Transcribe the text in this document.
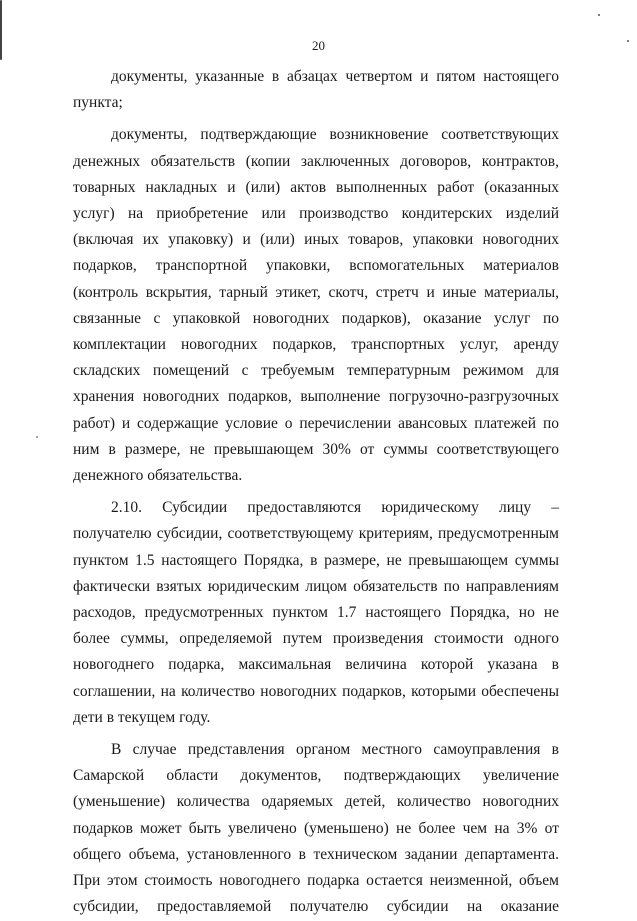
20

документы, указанные в абзацах четвертом и пятом настоящего пункта;

документы, подтверждающие возникновение соответствующих денежных обязательств (копии заключенных договоров, контрактов, товарных накладных и (или) актов выполненных работ (оказанных услуг) на приобретение или производство кондитерских изделий (включая их упаковку) и (или) иных товаров, упаковки новогодних подарков, транспортной упаковки, вспомогательных материалов (контроль вскрытия, тарный этикет, скотч, стретч и иные материалы, связанные с упаковкой новогодних подарков), оказание услуг по комплектации новогодних подарков, транспортных услуг, аренду складских помещений с требуемым температурным режимом для хранения новогодних подарков, выполнение погрузочно-разгрузочных работ) и содержащие условие о перечислении авансовых платежей по ним в размере, не превышающем 30% от суммы соответствующего денежного обязательства.

2.10. Субсидии предоставляются юридическому лицу – получателю субсидии, соответствующему критериям, предусмотренным пунктом 1.5 настоящего Порядка, в размере, не превышающем суммы фактически взятых юридическим лицом обязательств по направлениям расходов, предусмотренных пунктом 1.7 настоящего Порядка, но не более суммы, определяемой путем произведения стоимости одного новогоднего подарка, максимальная величина которой указана в соглашении, на количество новогодних подарков, которыми обеспечены дети в текущем году.

В случае представления органом местного самоуправления в Самарской области документов, подтверждающих увеличение (уменьшение) количества одаряемых детей, количество новогодних подарков может быть увеличено (уменьшено) не более чем на 3% от общего объема, установленного в техническом задании департамента. При этом стоимость новогоднего подарка остается неизменной, объем субсидии, предоставляемой получателю субсидии на оказание
